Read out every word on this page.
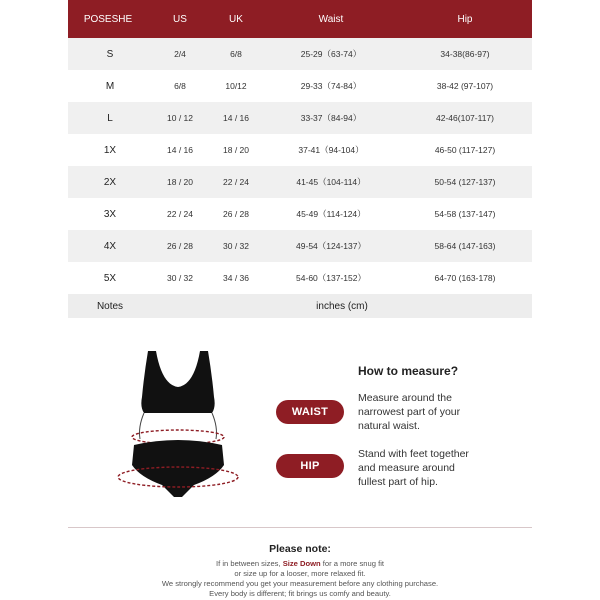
POSESHE	US	UK	Waist	Hip
S	2/4	6/8	25-29（63-74）	34-38(86-97)
M	6/8	10/12	29-33（74-84）	38-42 (97-107)
L	10 / 12	14 / 16	33-37（84-94）	42-46(107-117)
1X	14 / 16	18 / 20	37-41（94-104）	46-50 (117-127)
2X	18 / 20	22 / 24	41-45（104-114）	50-54 (127-137)
3X	22 / 24	26 / 28	45-49（114-124）	54-58 (137-147)
4X	26 / 28	30 / 32	49-54（124-137）	58-64 (147-163)
5X	30 / 32	34 / 36	54-60（137-152）	64-70 (163-178)
Notes	inches (cm)			
How to measure?
WAIST
Measure around the
narrowest part of your
natural waist.
HIP
Stand with feet together
and measure around
fullest part of hip.
Please note:
If in between sizes, Size Down for a more snug fit
or size up for a looser, more relaxed fit.
We strongly recommend you get your measurement before any clothing purchase.
Every body is different; fit brings us comfy and beauty.
